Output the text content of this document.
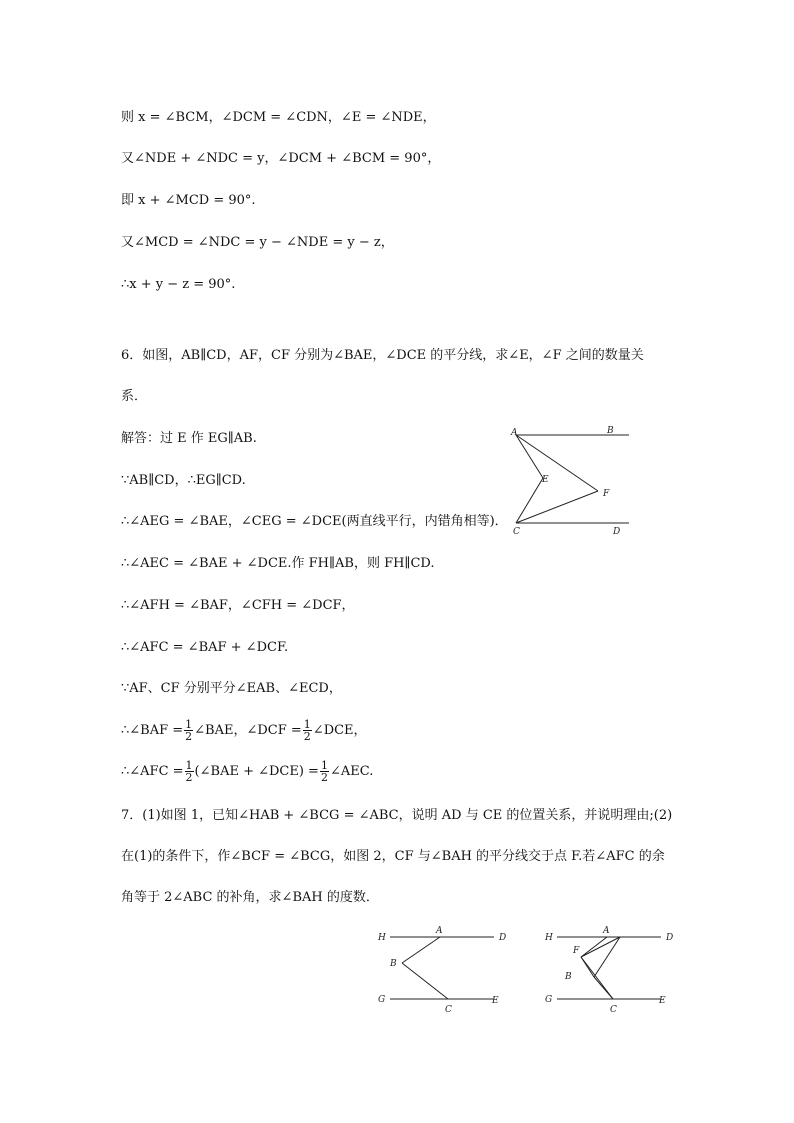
则 x = ∠BCM，∠DCM = ∠CDN，∠E = ∠NDE，
又∠NDE + ∠NDC = y，∠DCM + ∠BCM = 90°，
即 x + ∠MCD = 90°.
又∠MCD = ∠NDC = y − ∠NDE = y − z，
∴x + y − z = 90°.
6．如图，AB∥CD，AF，CF 分别为∠BAE，∠DCE 的平分线，求∠E，∠F 之间的数量关
系．
解答：过 E 作 EG∥AB.
∵AB∥CD，∴EG∥CD.
∴∠AEG = ∠BAE，∠CEG = ∠DCE(两直线平行，内错角相等)．
∴∠AEC = ∠BAE + ∠DCE.作 FH∥AB，则 FH∥CD.
∴∠AFH = ∠BAF，∠CFH = ∠DCF，
∴∠AFC = ∠BAF + ∠DCF.
∵AF、CF 分别平分∠EAB、∠ECD，
∴∠BAF = $\frac{1}{2}$ ∠BAE，∠DCF = $\frac{1}{2}$ ∠DCE，
∴∠AFC = $\frac{1}{2}$ (∠BAE + ∠DCE) = $\frac{1}{2}$ ∠AEC.
A	B
E
F
C	D
7．(1)如图 1，已知∠HAB + ∠BCG = ∠ABC，说明 AD 与 CE 的位置关系，并说明理由;(2)
在(1)的条件下，作∠BCF = ∠BCG，如图 2，CF 与∠BAH 的平分线交于点 F.若∠AFC 的余
角等于 2∠ABC 的补角，求∠BAH 的度数．
H
A
D
B
G
C
E
H
A
D
F
B
G
C
E
